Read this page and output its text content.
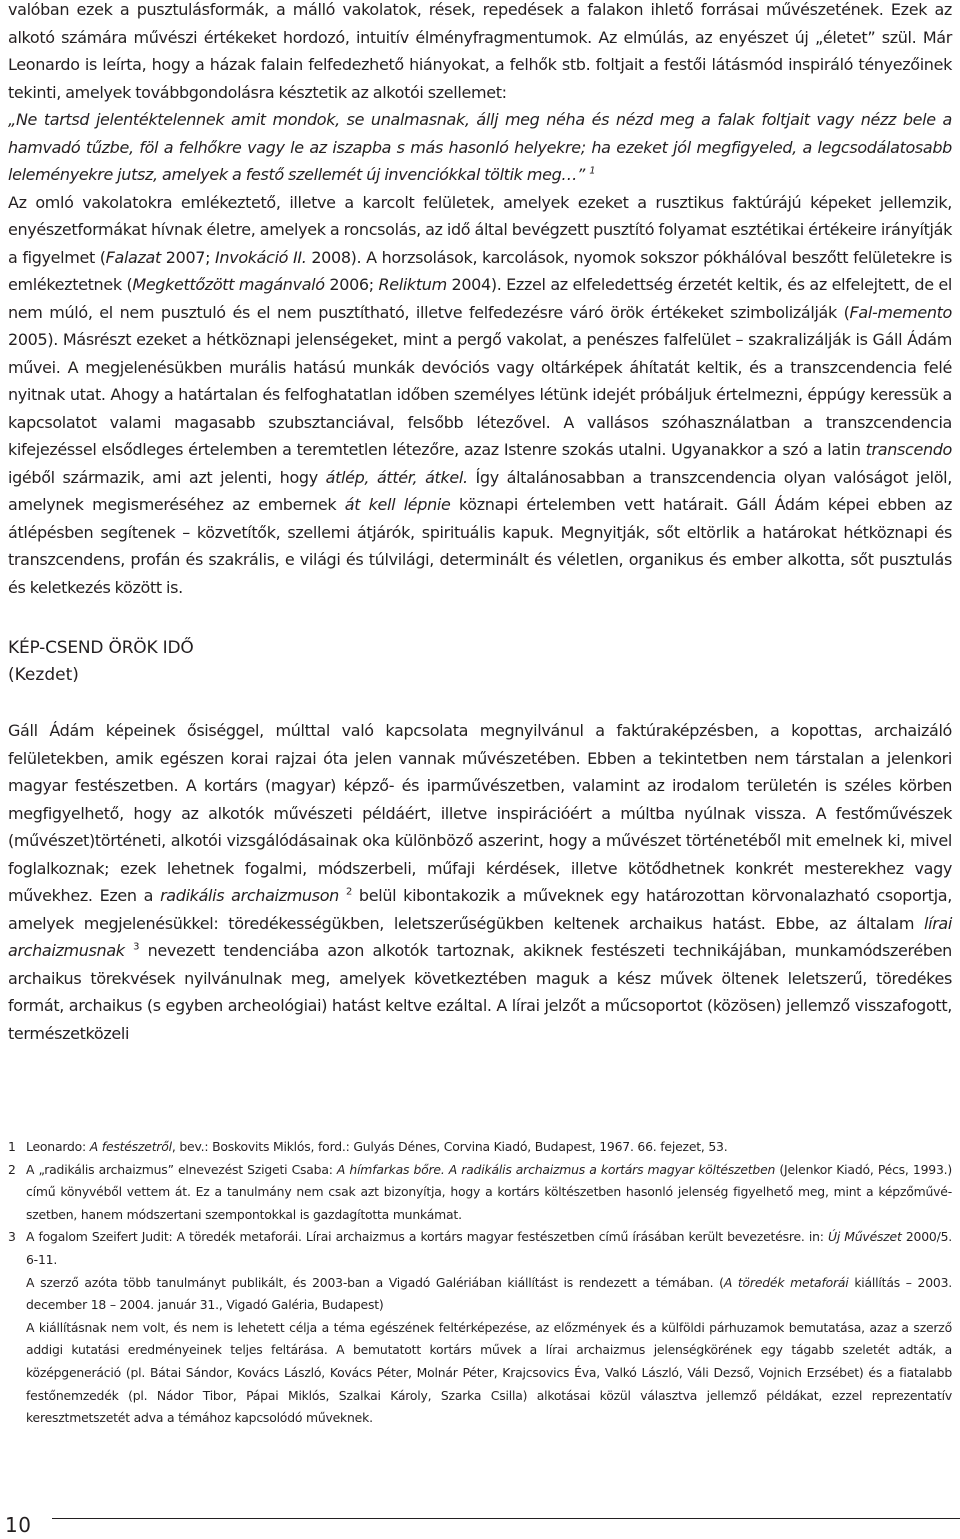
valóban ezek a pusztulásformák, a málló vakolatok, rések, repedések a falakon ihlető forrásai művészetének. Ezek az alkotó számára művészi értékeket hordozó, intuitív élményfragmentumok. Az elmúlás, az enyészet új „életet” szül. Már Leonardo is leírta, hogy a házak falain felfedezhető hiányokat, a felhők stb. foltjait a festői látásmód inspiráló tényezőinek tekinti, amelyek továbbgondolásra késztetik az alkotói szellemet:

„Ne tartsd jelentéktelennek amit mondok, se unalmasnak, állj meg néha és nézd meg a falak foltjait vagy nézz bele a hamvadó tűzbe, föl a felhőkre vagy le az iszapba s más hasonló helyekre; ha ezeket jól megfigyeled, a legcsodálatosabb leleményekre jutsz, amelyek a festő szellemét új invenciókkal töltik meg…” $^1$

Az omló vakolatokra emlékeztető, illetve a karcolt felületek, amelyek ezeket a rusztikus faktúrájú képeket jellemzik, enyészetformákat hívnak életre, amelyek a roncsolás, az idő által bevégzett pusztító folyamat esztétikai értékeire irányítják a figyelmet (Falazat 2007; Invokáció II. 2008). A horzsolások, karcolások, nyomok sokszor pókhálóval beszőtt felületekre is emlékeztetnek (Megkettőzött magánvaló 2006; Reliktum 2004). Ezzel az elfeledettség érzetét keltik, és az elfelejtett, de el nem múló, el nem pusztuló és el nem pusztítható, illetve felfedezésre váró örök értékeket szimbolizálják (Fal-memento 2005). Másrészt ezeket a hétköznapi jelenségeket, mint a pergő vakolat, a penészes falfelület – szakralizálják is Gáll Ádám művei. A megjelenésükben murális hatású munkák devóciós vagy oltárképek áhítatát keltik, és a transzcendencia felé nyitnak utat. Ahogy a határtalan és felfoghatatlan időben személyes létünk idejét próbáljuk értelmezni, éppúgy keressük a kapcsolatot valami magasabb szubsztanciával, felsőbb létezővel. A vallásos szóhasználatban a transzcendencia kifejezéssel elsődleges értelemben a teremtetlen létezőre, azaz Istenre szokás utalni. Ugyanakkor a szó a latin transcendo igéből származik, ami azt jelenti, hogy átlép, áttér, átkel. Így általánosabban a transzcendencia olyan valóságot jelöl, amelynek megismeréséhez az embernek át kell lépnie köznapi értelemben vett határait. Gáll Ádám képei ebben az átlépésben segítenek – közvetítők, szellemi átjárók, spirituális kapuk. Megnyitják, sőt eltörlik a határokat hétköznapi és transzcendens, profán és szakrális, e világi és túlvilági, determinált és véletlen, organikus és ember alkotta, sőt pusztulás és keletkezés között is.

KÉP-CSEND ÖRÖK IDŐ

(Kezdet)

Gáll Ádám képeinek ősiséggel, múlttal való kapcsolata megnyilvánul a faktúraképzésben, a kopottas, archaizáló felületekben, amik egészen korai rajzai óta jelen vannak művészetében. Ebben a tekintetben nem társtalan a jelenkori magyar festészetben. A kortárs (magyar) képző- és iparművészetben, valamint az irodalom területén is széles körben megfigyelhető, hogy az alkotók művészeti példáért, illetve inspirációért a múltba nyúlnak vissza. A festőművészek (művészet)történeti, alkotói vizsgálódásainak oka különböző aszerint, hogy a művészet történetéből mit emelnek ki, mivel foglalkoznak; ezek lehetnek fogalmi, módszerbeli, műfaji kérdések, illetve kötődhetnek konkrét mesterekhez vagy művekhez. Ezen a radikális archaizmuson $^2$ belül kibontakozik a műveknek egy határozottan körvonalazható csoportja, amelyek megjelenésükkel: töredékességükben, leletszerűségükben keltenek archaikus hatást. Ebbe, az általam lírai archaizmusnak $^3$ nevezett tendenciába azon alkotók tartoznak, akiknek festészeti technikájában, munkamódszerében archaikus törekvések nyilvánulnak meg, amelyek következtében maguk a kész művek öltenek leletszerű, töredékes formát, archaikus (s egyben archeológiai) hatást keltve ezáltal. A lírai jelzőt a műcsoportot (közösen) jellemző visszafogott, természetközeli

1 Leonardo: A festészetről, bev.: Boskovits Miklós, ford.: Gulyás Dénes, Corvina Kiadó, Budapest, 1967. 66. fejezet, 53.
2 A „radikális archaizmus” elnevezést Szigeti Csaba: A hímfarkas bőre. A radikális archaizmus a kortárs magyar költészetben (Jelenkor Kiadó, Pécs, 1993.) című könyvéből vettem át. Ez a tanulmány nem csak azt bizonyítja, hogy a kortárs költészetben hasonló jelenség figyelhető meg, mint a képzőművé-szetben, hanem módszertani szempontokkal is gazdagította munkámat.
3 A fogalom Szeifert Judit: A töredék metaforái. Lírai archaizmus a kortárs magyar festészetben című írásában került bevezetésre. in: Új Művészet 2000/5. 6-11.
A szerző azóta több tanulmányt publikált, és 2003-ban a Vigadó Galériában kiállítást is rendezett a témában. (A töredék metaforái kiállítás – 2003. december 18 – 2004. január 31., Vigadó Galéria, Budapest)
A kiállításnak nem volt, és nem is lehetett célja a téma egészének feltérképezése, az előzmények és a külföldi párhuzamok bemutatása, azaz a szerző addigi kutatási eredményeinek teljes feltárása. A bemutatott kortárs művek a lírai archaizmus jelenségkörének egy tágabb szeletét adták, a középgeneráció (pl. Bátai Sándor, Kovács László, Kovács Péter, Molnár Péter, Krajcsovics Éva, Valkó László, Váli Dezső, Vojnich Erzsébet) és a fiatalabb festőnemzedék (pl. Nádor Tibor, Pápai Miklós, Szalkai Károly, Szarka Csilla) alkotásai közül választva jellemző példákat, ezzel reprezentatív keresztmetszetét adva a témához kapcsolódó műveknek.
10
